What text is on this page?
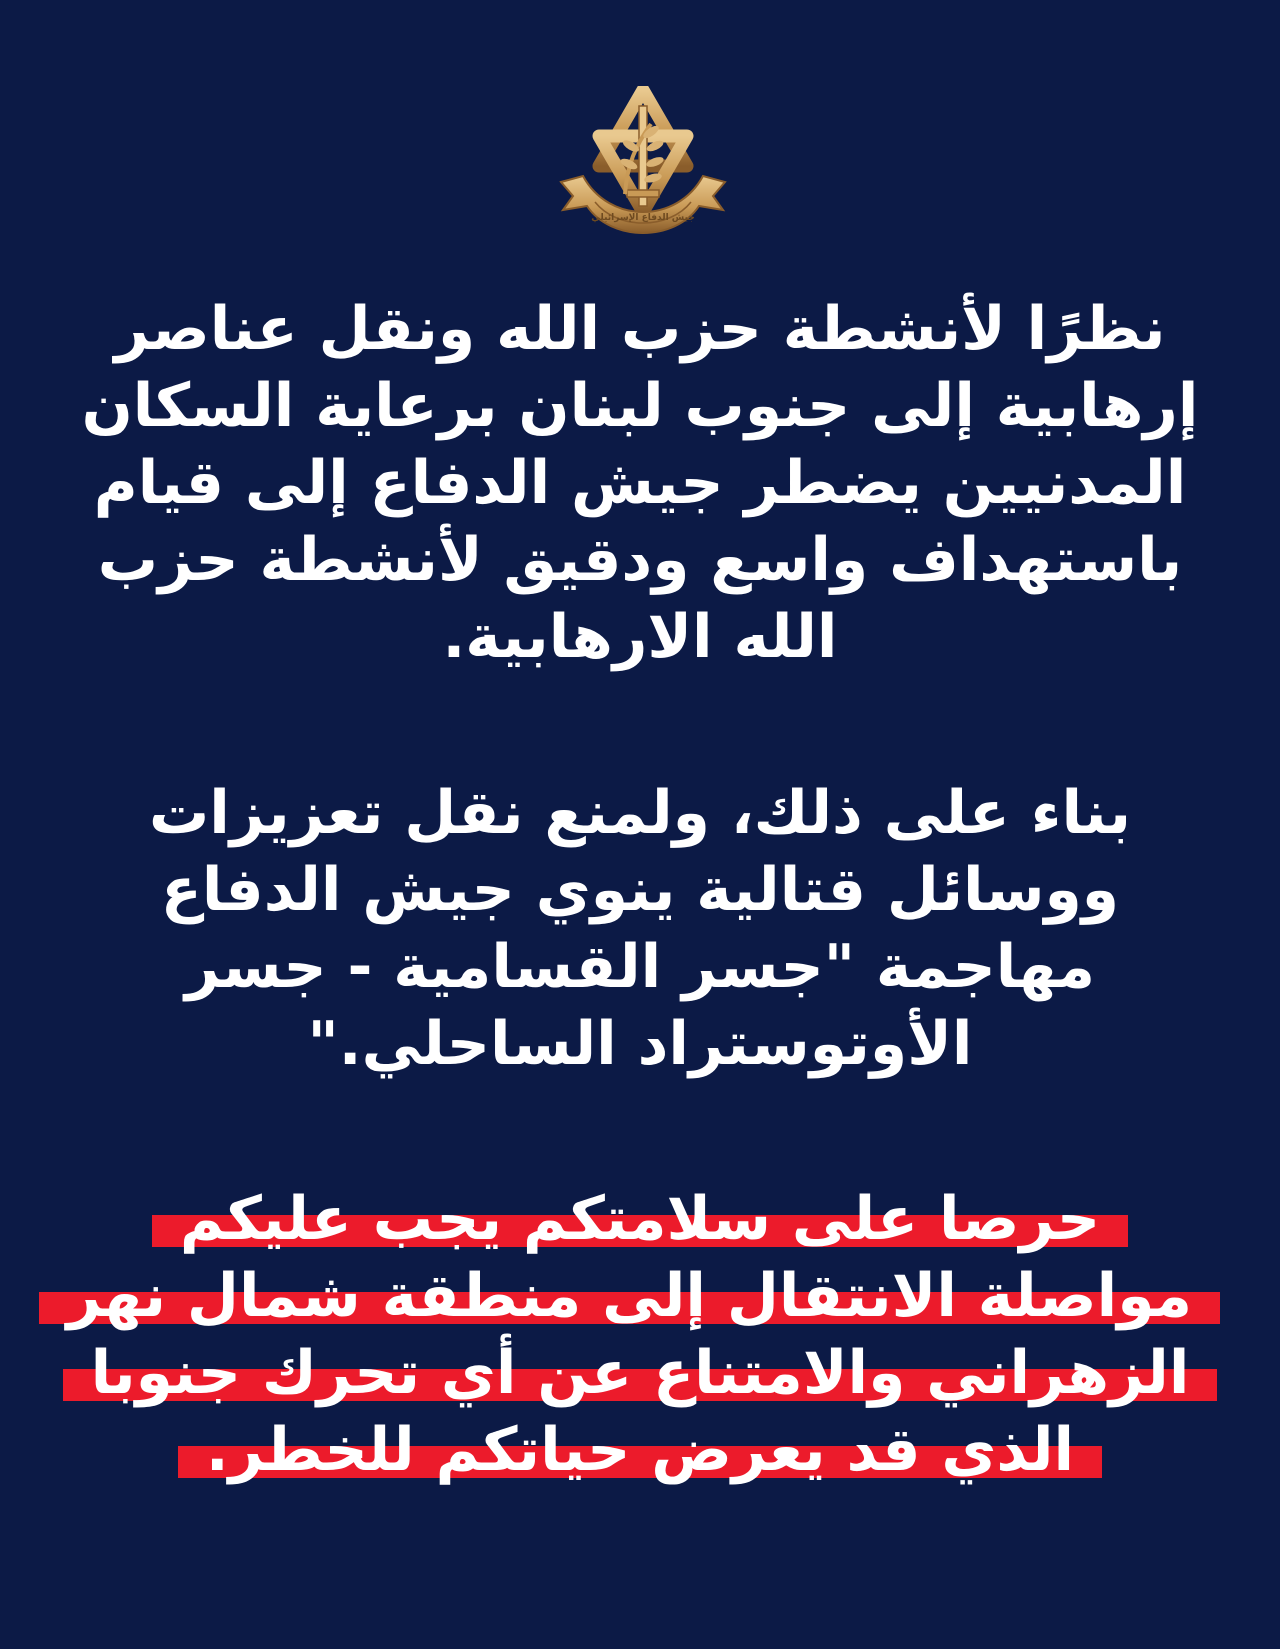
جيش الدفاع الإسرائيلي
نظرًا لأنشطة حزب الله ونقل عناصر
إرهابية إلى جنوب لبنان برعاية السكان
المدنيين يضطر جيش الدفاع إلى قيام
باستهداف واسع ودقيق لأنشطة حزب
الله الارهابية.
بناء على ذلك، ولمنع نقل تعزيزات
ووسائل قتالية ينوي جيش الدفاع
مهاجمة "جسر القسامية - جسر
الأوتوستراد الساحلي."
حرصا على سلامتكم يجب عليكم
مواصلة الانتقال إلى منطقة شمال نهر
الزهراني والامتناع عن أي تحرك جنوبا
الذي قد يعرض حياتكم للخطر.
